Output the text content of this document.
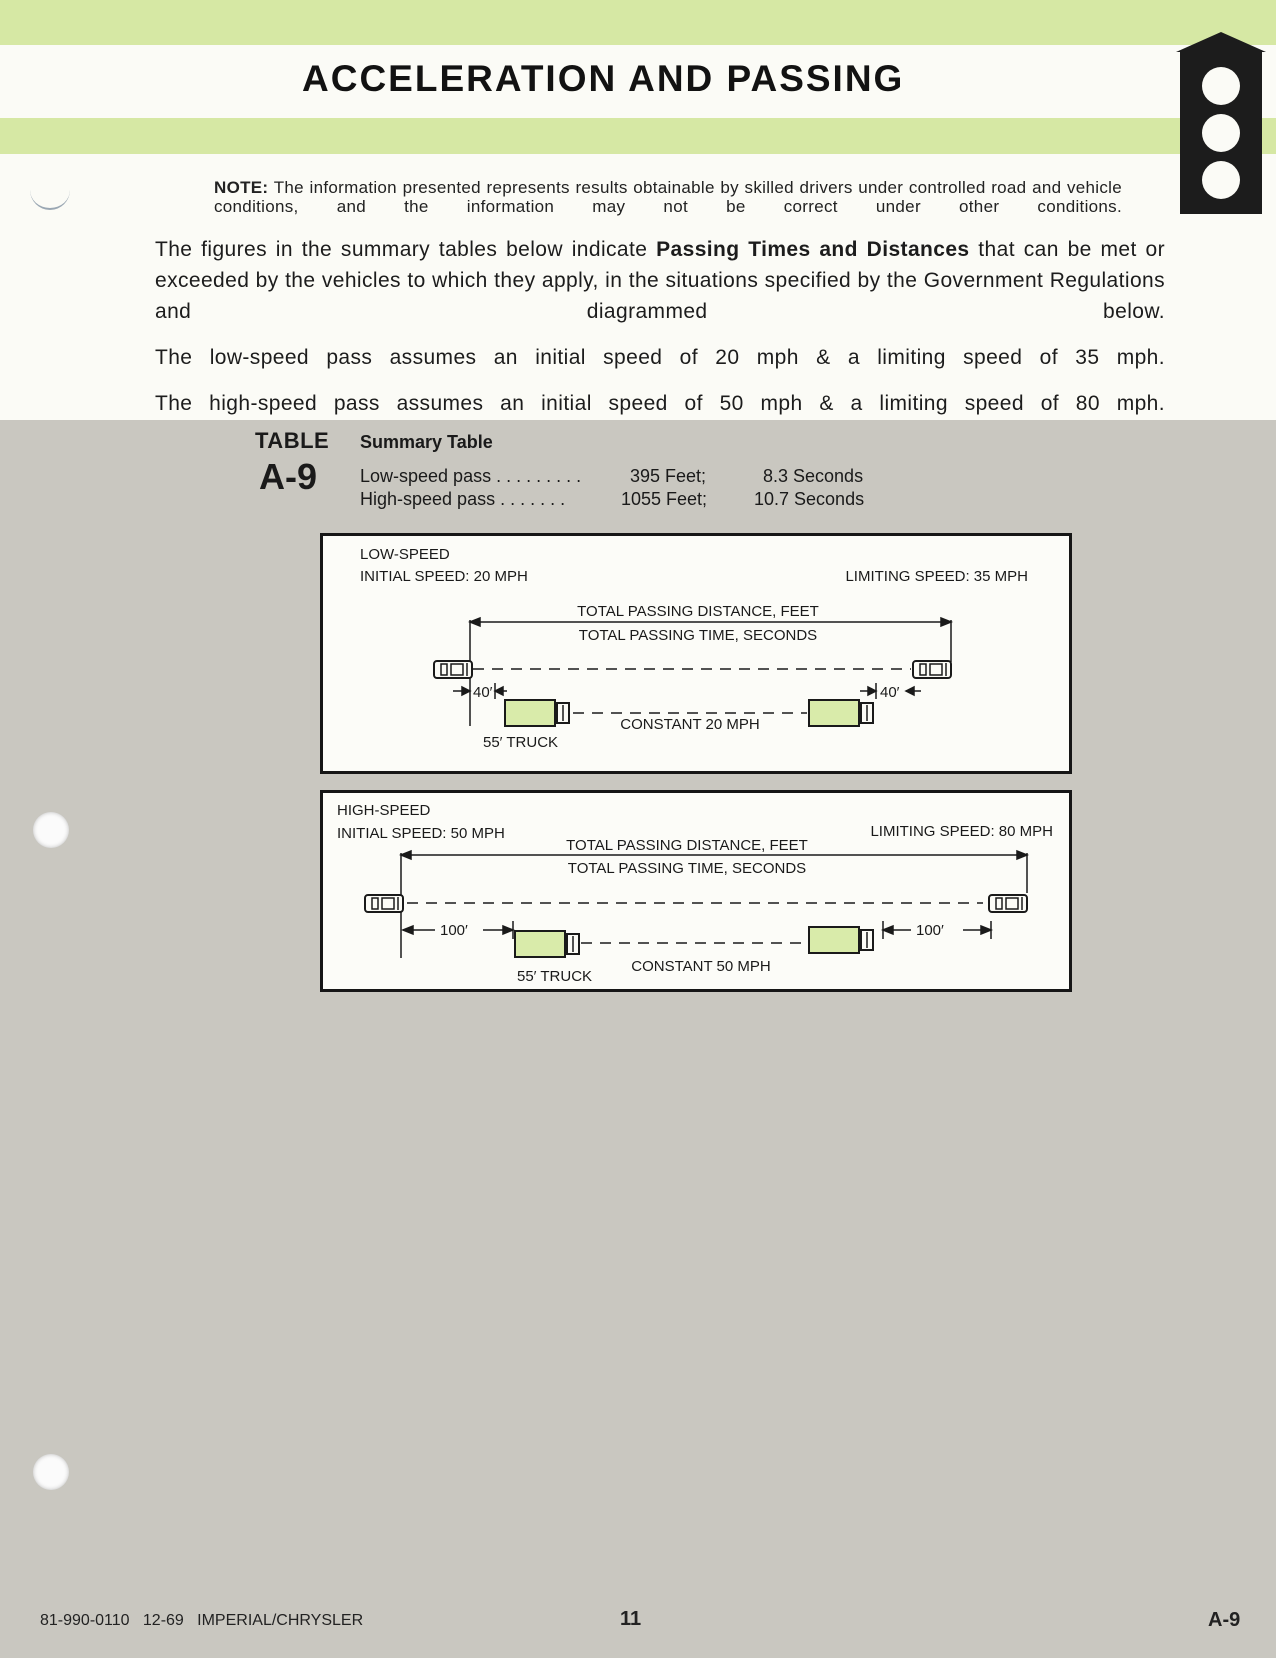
ACCELERATION AND PASSING
NOTE: The information presented represents results obtainable by skilled drivers under controlled road and vehicle conditions, and the information may not be correct under other conditions.
The figures in the summary tables below indicate Passing Times and Distances that can be met or exceeded by the vehicles to which they apply, in the situations specified by the Government Regulations and diagrammed below.
The low-speed pass assumes an initial speed of 20 mph & a limiting speed of 35 mph.
The high-speed pass assumes an initial speed of 50 mph & a limiting speed of 80 mph.
TABLE
A-9
Summary Table
Low-speed pass . . . . . . . . .	395 Feet;	8.3 Seconds
High-speed pass . . . . . . .	1055 Feet;	10.7 Seconds
LOW-SPEED
INITIAL SPEED: 20 MPH	LIMITING SPEED: 35 MPH
TOTAL PASSING DISTANCE, FEET
TOTAL PASSING TIME, SECONDS
40′	40′
CONSTANT 20 MPH
55′ TRUCK
HIGH-SPEED
INITIAL SPEED: 50 MPH	LIMITING SPEED: 80 MPH
TOTAL PASSING DISTANCE, FEET
TOTAL PASSING TIME, SECONDS
100′	100′
CONSTANT 50 MPH
55′ TRUCK
81-990-0110   12-69   IMPERIAL/CHRYSLER	11	A-9
